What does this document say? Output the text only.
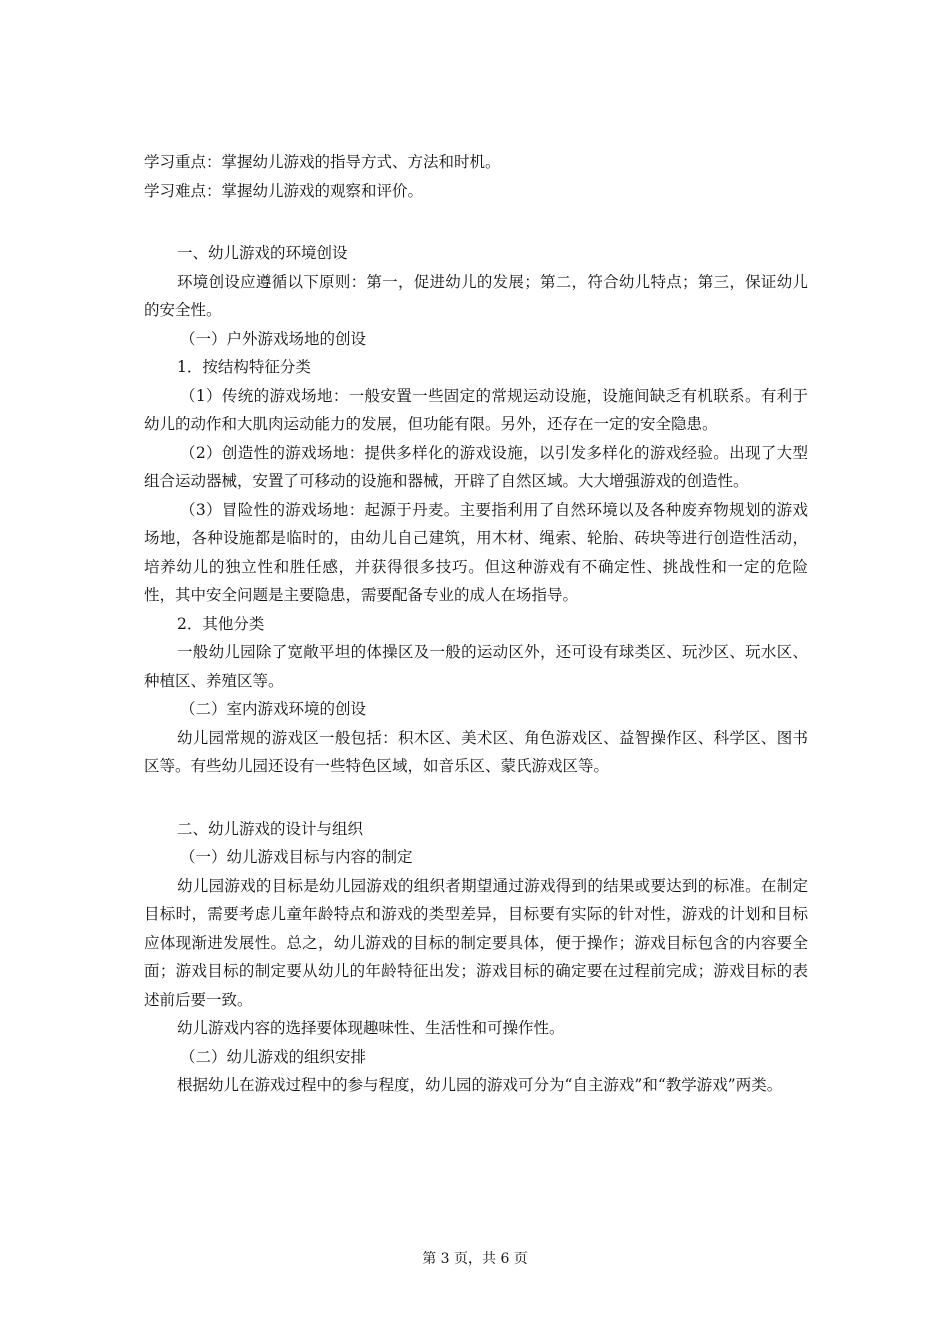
学习重点：掌握幼儿游戏的指导方式、方法和时机。

学习难点：掌握幼儿游戏的观察和评价。

一、幼儿游戏的环境创设

环境创设应遵循以下原则：第一，促进幼儿的发展；第二，符合幼儿特点；第三，保证幼儿的安全性。

（一）户外游戏场地的创设

1．按结构特征分类

（1）传统的游戏场地：一般安置一些固定的常规运动设施，设施间缺乏有机联系。有利于幼儿的动作和大肌肉运动能力的发展，但功能有限。另外，还存在一定的安全隐患。

（2）创造性的游戏场地：提供多样化的游戏设施，以引发多样化的游戏经验。出现了大型组合运动器械，安置了可移动的设施和器械，开辟了自然区域。大大增强游戏的创造性。

（3）冒险性的游戏场地：起源于丹麦。主要指利用了自然环境以及各种废弃物规划的游戏场地，各种设施都是临时的，由幼儿自己建筑，用木材、绳索、轮胎、砖块等进行创造性活动，培养幼儿的独立性和胜任感，并获得很多技巧。但这种游戏有不确定性、挑战性和一定的危险性，其中安全问题是主要隐患，需要配备专业的成人在场指导。

2．其他分类

一般幼儿园除了宽敞平坦的体操区及一般的运动区外，还可设有球类区、玩沙区、玩水区、种植区、养殖区等。

（二）室内游戏环境的创设

幼儿园常规的游戏区一般包括：积木区、美术区、角色游戏区、益智操作区、科学区、图书区等。有些幼儿园还设有一些特色区域，如音乐区、蒙氏游戏区等。

二、幼儿游戏的设计与组织

（一）幼儿游戏目标与内容的制定

幼儿园游戏的目标是幼儿园游戏的组织者期望通过游戏得到的结果或要达到的标准。在制定目标时，需要考虑儿童年龄特点和游戏的类型差异，目标要有实际的针对性，游戏的计划和目标应体现渐进发展性。总之，幼儿游戏的目标的制定要具体，便于操作；游戏目标包含的内容要全面；游戏目标的制定要从幼儿的年龄特征出发；游戏目标的确定要在过程前完成；游戏目标的表述前后要一致。

幼儿游戏内容的选择要体现趣味性、生活性和可操作性。

（二）幼儿游戏的组织安排

根据幼儿在游戏过程中的参与程度，幼儿园的游戏可分为“自主游戏”和“教学游戏”两类。

第 3 页，共 6 页
